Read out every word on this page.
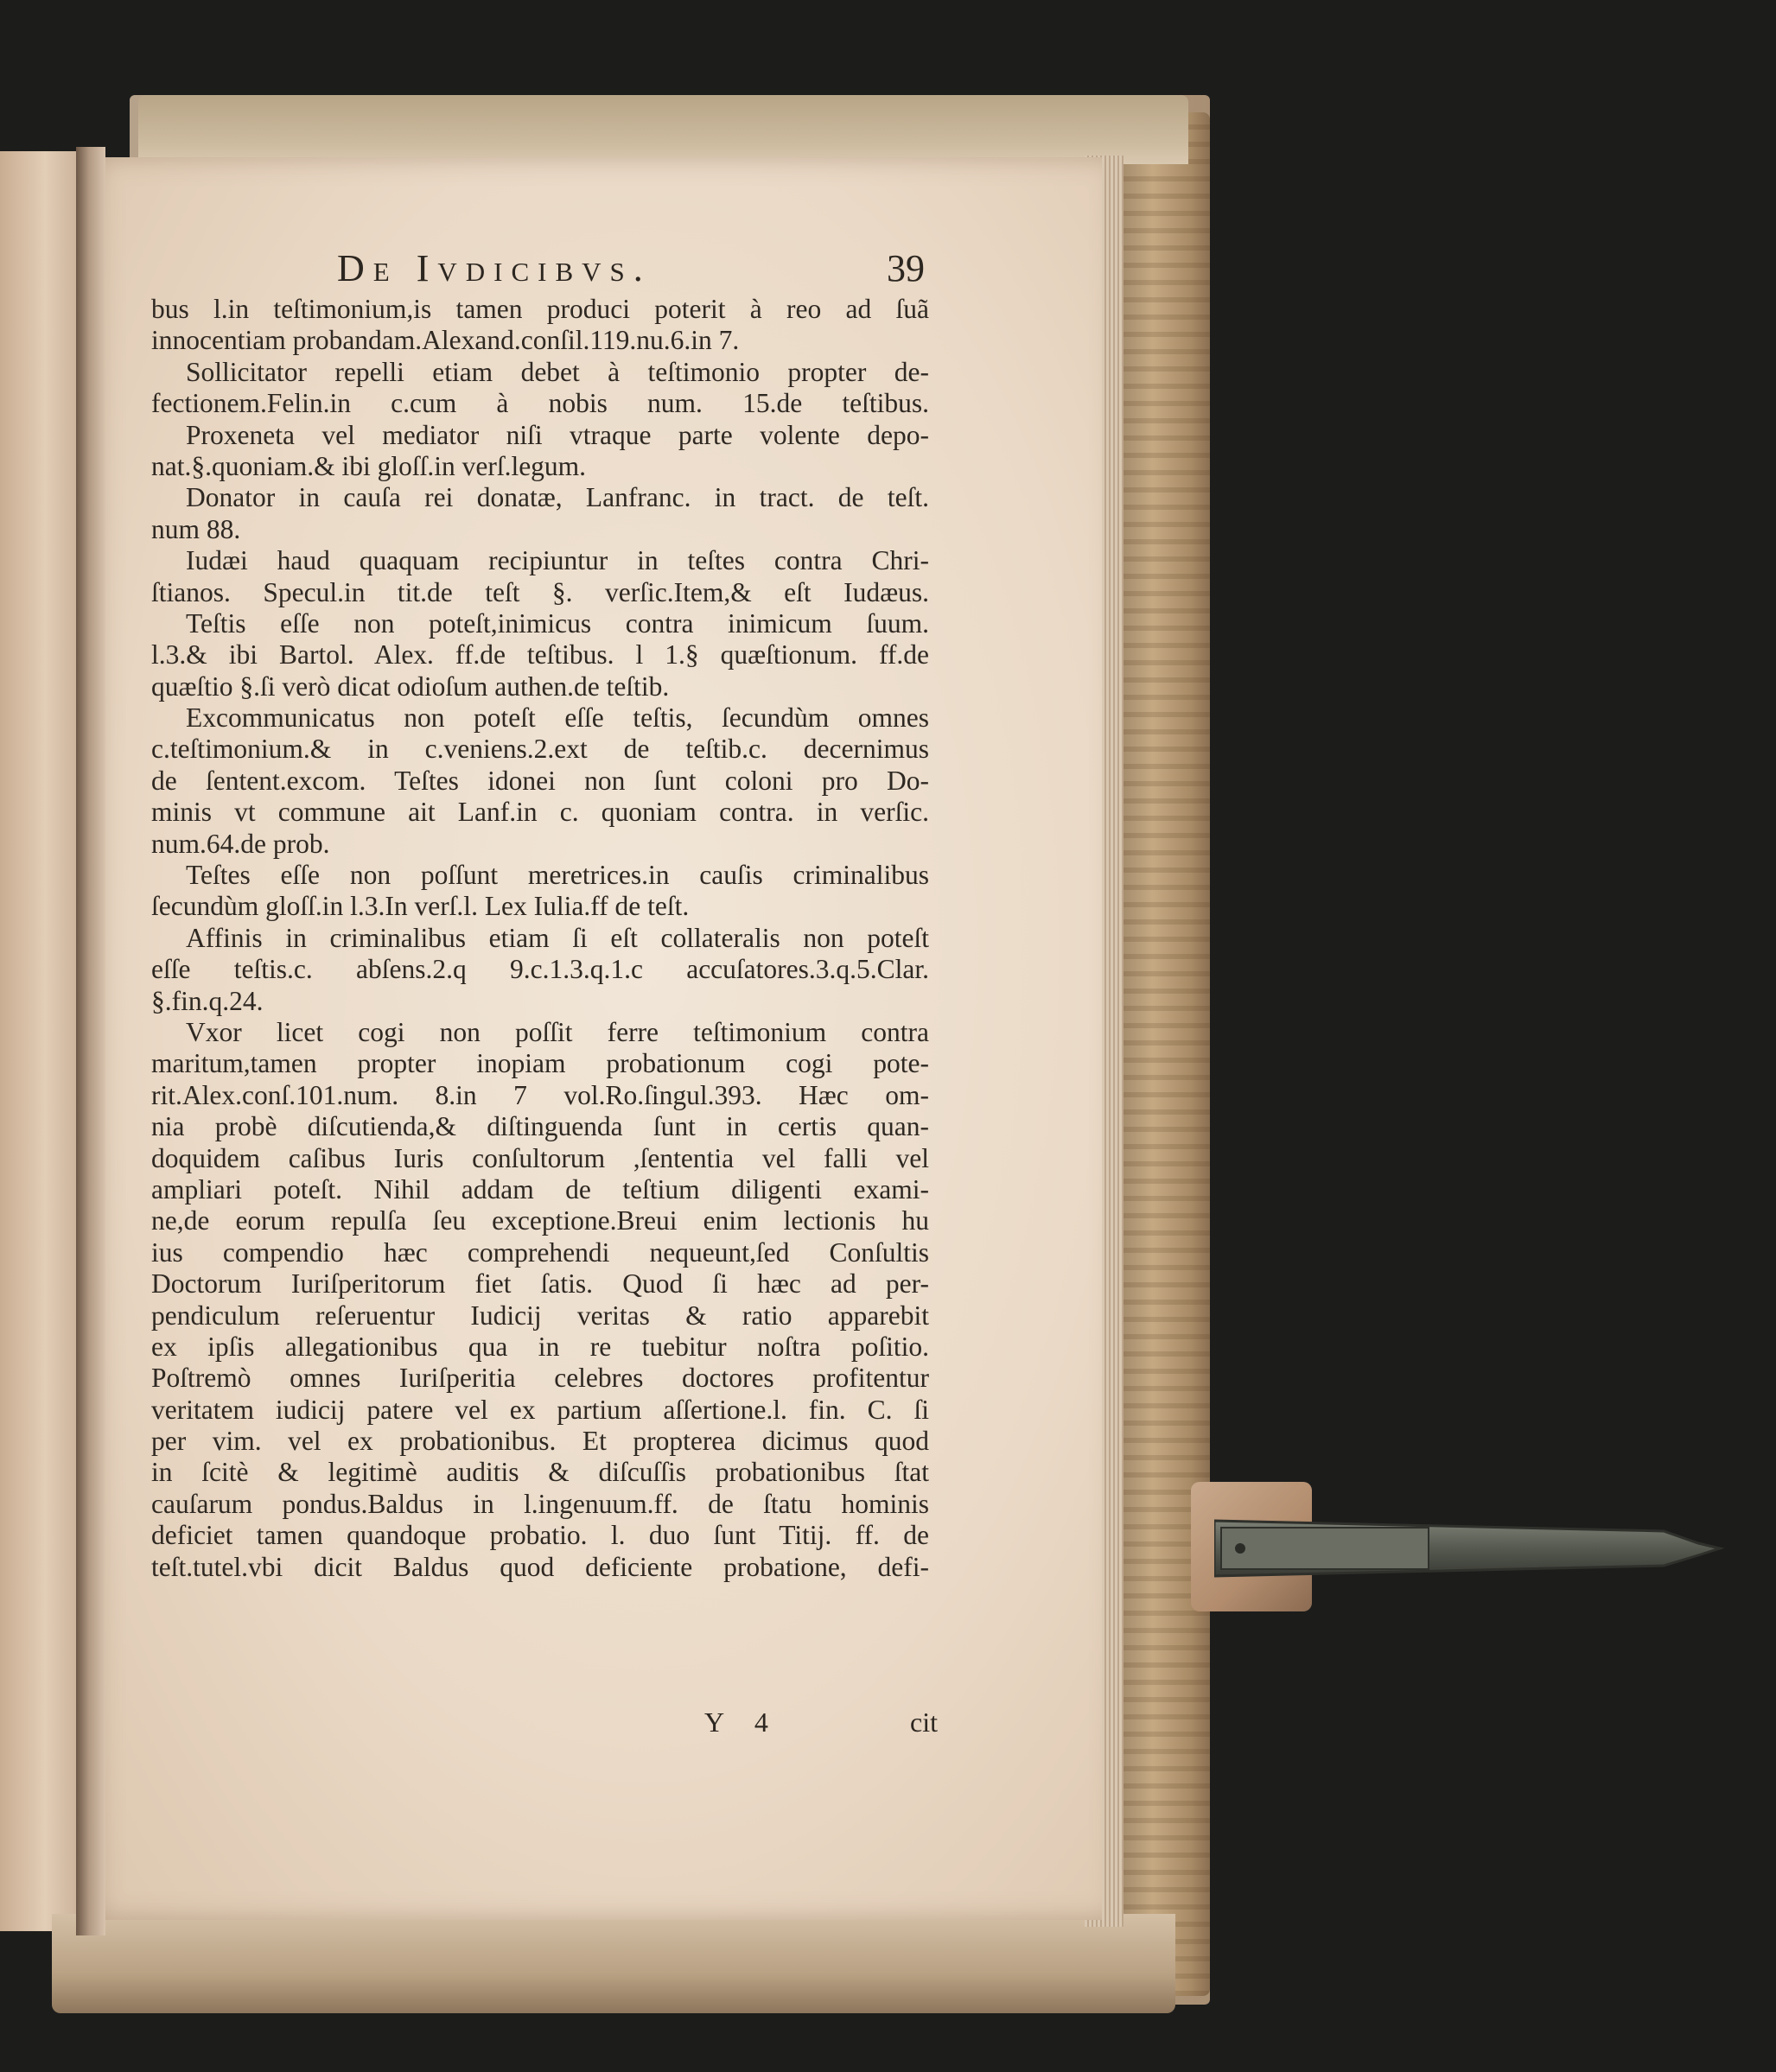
De Ivdicibvs.	39
bus l.in teſtimonium,is tamen produci poterit à reo ad ſuã
innocentiam probandam.Alexand.conſil.119.nu.6.in 7.
Sollicitator repelli etiam debet à teſtimonio propter de-
fectionem.Felin.in c.cum à nobis num. 15.de teſtibus.
Proxeneta vel mediator niſi vtraque parte volente depo-
nat.§.quoniam.& ibi gloſſ.in verſ.legum.
Donator in cauſa rei donatæ, Lanfranc. in tract. de teſt.
num 88.
Iudæi haud quaquam recipiuntur in teſtes contra Chri-
ſtianos. Specul.in tit.de teſt §. verſic.Item,& eſt Iudæus.
Teſtis eſſe non poteſt,inimicus contra inimicum ſuum.
l.3.& ibi Bartol. Alex. ff.de teſtibus. l 1.§ quæſtionum. ff.de
quæſtio §.ſi verò dicat odioſum authen.de teſtib.
Excommunicatus non poteſt eſſe teſtis, ſecundùm omnes
c.teſtimonium.& in c.veniens.2.ext de teſtib.c. decernimus
de ſentent.excom. Teſtes idonei non ſunt coloni pro Do-
minis vt commune ait Lanf.in c. quoniam contra. in verſic.
num.64.de prob.
Teſtes eſſe non poſſunt meretrices.in cauſis criminalibus
ſecundùm gloſſ.in l.3.In verſ.l. Lex Iulia.ff de teſt.
Affinis in criminalibus etiam ſi eſt collateralis non poteſt
eſſe teſtis.c. abſens.2.q 9.c.1.3.q.1.c accuſatores.3.q.5.Clar.
§.fin.q.24.
Vxor licet cogi non poſſit ferre teſtimonium contra
maritum,tamen propter inopiam probationum cogi pote-
rit.Alex.conſ.101.num. 8.in 7 vol.Ro.ſingul.393. Hæc om-
nia probè diſcutienda,& diſtinguenda ſunt in certis quan-
doquidem caſibus Iuris conſultorum ,ſententia vel falli vel
ampliari poteſt. Nihil addam de teſtium diligenti exami-
ne,de eorum repulſa ſeu exceptione.Breui enim lectionis hu
ius compendio hæc comprehendi nequeunt,ſed Conſultis
Doctorum Iuriſperitorum fiet ſatis. Quod ſi hæc ad per-
pendiculum reſeruentur Iudicij veritas & ratio apparebit
ex ipſis allegationibus qua in re tuebitur noſtra poſitio.
Poſtremò omnes Iuriſperitia celebres doctores profitentur
veritatem iudicij patere vel ex partium aſſertione.l. fin. C. ſi
per vim. vel ex probationibus. Et propterea dicimus quod
in ſcitè & legitimè auditis & diſcuſſis probationibus ſtat
cauſarum pondus.Baldus in l.ingenuum.ff. de ſtatu hominis
deficiet tamen quandoque probatio. l. duo ſunt Titij. ff. de
teſt.tutel.vbi dicit Baldus quod deficiente probatione, defi-
Y 4	cit
